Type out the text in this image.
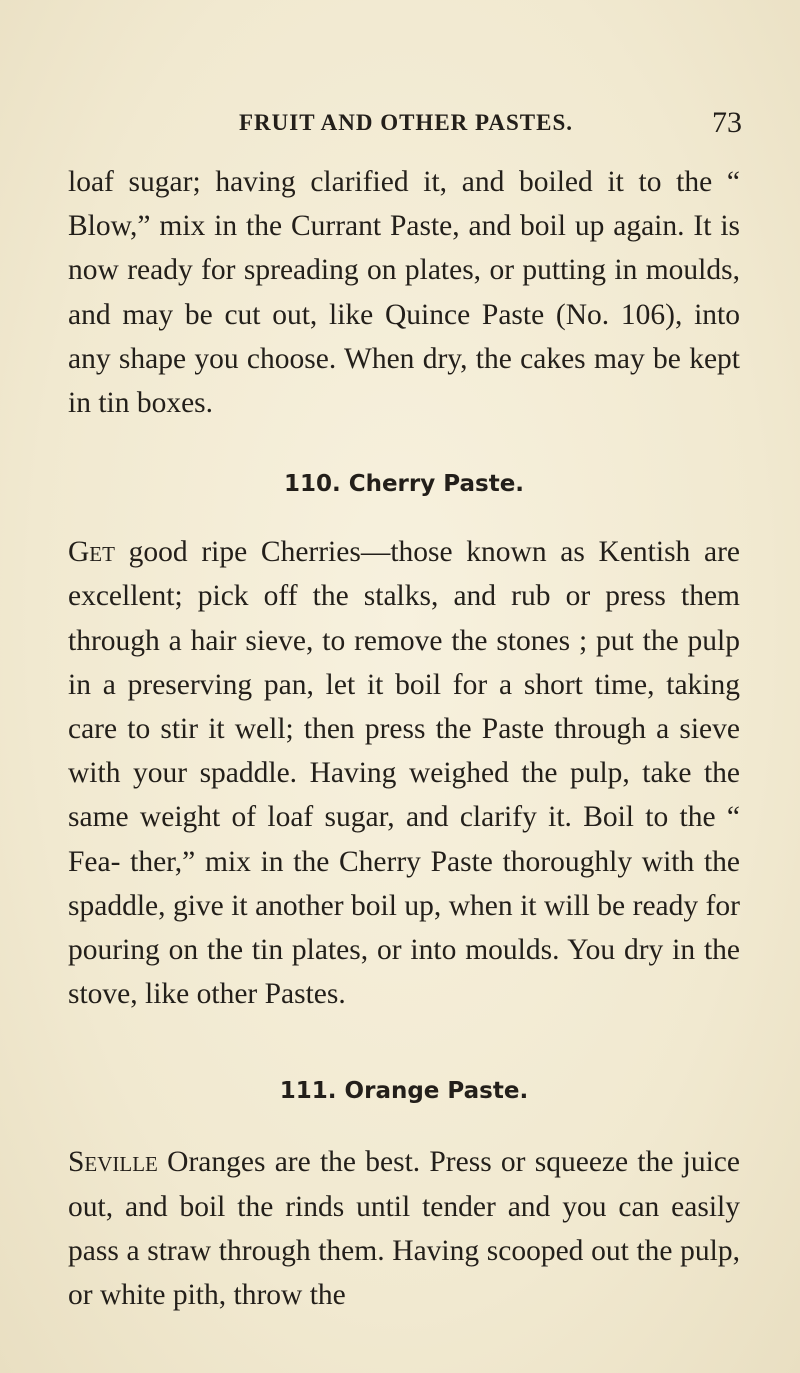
FRUIT AND OTHER PASTES.	73

loaf sugar; having clarified it, and boiled it to the “ Blow,” mix in the Currant Paste, and boil up again. It is now ready for spreading on plates, or putting in moulds, and may be cut out, like Quince Paste (No. 106), into any shape you choose. When dry, the cakes may be kept in tin boxes.

110. Cherry Paste.

Get good ripe Cherries—those known as Kentish are excellent; pick off the stalks, and rub or press them through a hair sieve, to remove the stones ; put the pulp in a preserving pan, let it boil for a short time, taking care to stir it well; then press the Paste through a sieve with your spaddle. Having weighed the pulp, take the same weight of loaf sugar, and clarify it. Boil to the “ Fea- ther,” mix in the Cherry Paste thoroughly with the spaddle, give it another boil up, when it will be ready for pouring on the tin plates, or into moulds. You dry in the stove, like other Pastes.

111. Orange Paste.

Seville Oranges are the best. Press or squeeze the juice out, and boil the rinds until tender and you can easily pass a straw through them. Having scooped out the pulp, or white pith, throw the
